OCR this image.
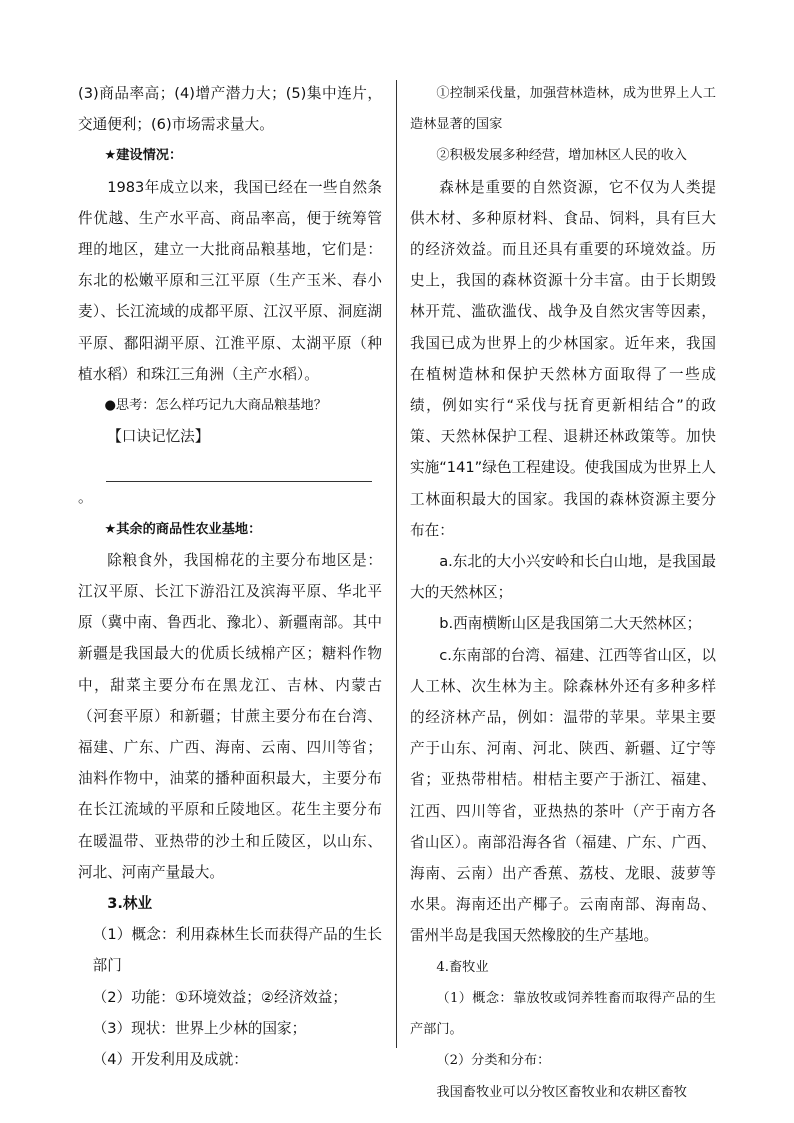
(3)商品率高；(4)增产潜力大；(5)集中连片，交通便利；(6)市场需求量大。

★建设情况：

1983年成立以来，我国已经在一些自然条件优越、生产水平高、商品率高，便于统筹管理的地区，建立一大批商品粮基地，它们是：东北的松嫩平原和三江平原（生产玉米、春小麦）、长江流域的成都平原、江汉平原、洞庭湖平原、鄱阳湖平原、江淮平原、太湖平原（种植水稻）和珠江三角洲（主产水稻）。

●思考：怎么样巧记九大商品粮基地？

【口诀记忆法】

。

★其余的商品性农业基地：

除粮食外，我国棉花的主要分布地区是：江汉平原、长江下游沿江及滨海平原、华北平原（冀中南、鲁西北、豫北）、新疆南部。其中新疆是我国最大的优质长绒棉产区；糖料作物中，甜菜主要分布在黑龙江、吉林、内蒙古（河套平原）和新疆；甘蔗主要分布在台湾、福建、广东、广西、海南、云南、四川等省；油料作物中，油菜的播种面积最大，主要分布在长江流域的平原和丘陵地区。花生主要分布在暖温带、亚热带的沙土和丘陵区，以山东、河北、河南产量最大。

3.林业

（1）概念：利用森林生长而获得产品的生长部门

（2）功能：①环境效益；②经济效益；

（3）现状：世界上少林的国家；

（4）开发利用及成就：

①控制采伐量，加强营林造林，成为世界上人工造林显著的国家

②积极发展多种经营，增加林区人民的收入

森林是重要的自然资源，它不仅为人类提供木材、多种原材料、食品、饲料，具有巨大的经济效益。而且还具有重要的环境效益。历史上，我国的森林资源十分丰富。由于长期毁林开荒、滥砍滥伐、战争及自然灾害等因素，我国已成为世界上的少林国家。近年来，我国在植树造林和保护天然林方面取得了一些成绩，例如实行“采伐与抚育更新相结合”的政策、天然林保护工程、退耕还林政策等。加快实施“141”绿色工程建设。使我国成为世界上人工林面积最大的国家。我国的森林资源主要分布在：

a.东北的大小兴安岭和长白山地，是我国最大的天然林区；

b.西南横断山区是我国第二大天然林区；

c.东南部的台湾、福建、江西等省山区，以人工林、次生林为主。除森林外还有多种多样的经济林产品，例如：温带的苹果。苹果主要产于山东、河南、河北、陕西、新疆、辽宁等省；亚热带柑桔。柑桔主要产于浙江、福建、江西、四川等省，亚热热的茶叶（产于南方各省山区）。南部沿海各省（福建、广东、广西、海南、云南）出产香蕉、荔枝、龙眼、菠萝等水果。海南还出产椰子。云南南部、海南岛、雷州半岛是我国天然橡胶的生产基地。

4.畜牧业

（1）概念：靠放牧或饲养牲畜而取得产品的生产部门。

（2）分类和分布：

我国畜牧业可以分牧区畜牧业和农耕区畜牧
